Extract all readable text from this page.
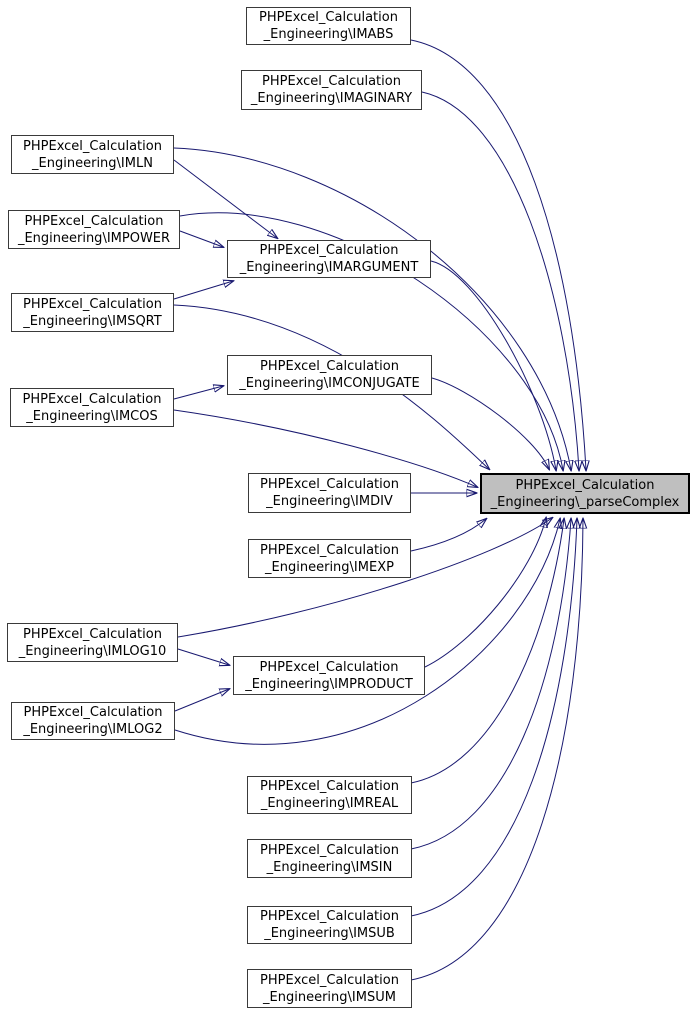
PHPExcel_Calculation
_Engineering\IMABS
PHPExcel_Calculation
_Engineering\IMAGINARY
PHPExcel_Calculation
_Engineering\IMLN
PHPExcel_Calculation
_Engineering\IMPOWER
PHPExcel_Calculation
_Engineering\IMARGUMENT
PHPExcel_Calculation
_Engineering\IMSQRT
PHPExcel_Calculation
_Engineering\IMCONJUGATE
PHPExcel_Calculation
_Engineering\IMCOS
PHPExcel_Calculation
_Engineering\_parseComplex
PHPExcel_Calculation
_Engineering\IMDIV
PHPExcel_Calculation
_Engineering\IMEXP
PHPExcel_Calculation
_Engineering\IMLOG10
PHPExcel_Calculation
_Engineering\IMPRODUCT
PHPExcel_Calculation
_Engineering\IMLOG2
PHPExcel_Calculation
_Engineering\IMREAL
PHPExcel_Calculation
_Engineering\IMSIN
PHPExcel_Calculation
_Engineering\IMSUB
PHPExcel_Calculation
_Engineering\IMSUM
